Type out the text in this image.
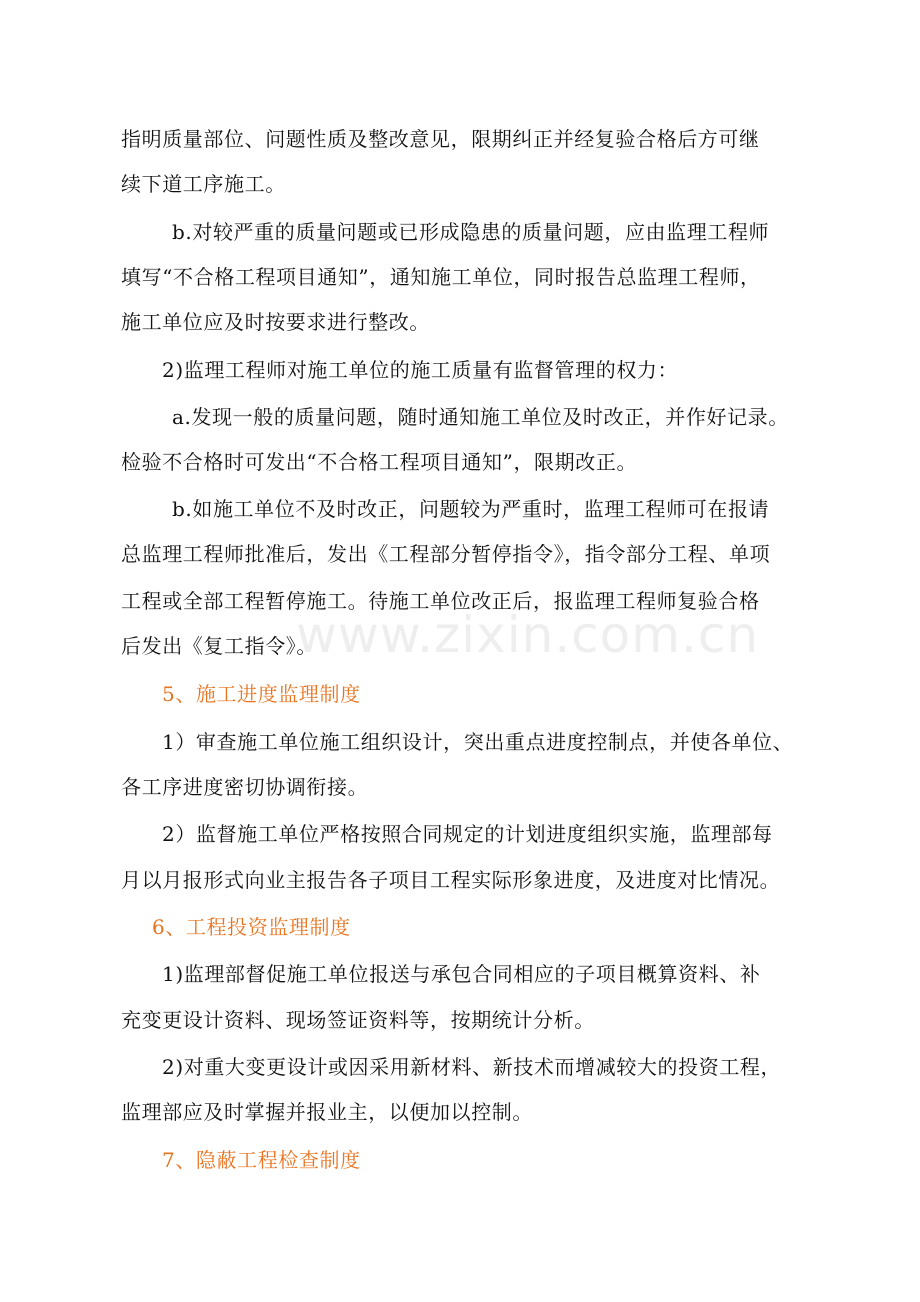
www.zixin.com.cn
指明质量部位、问题性质及整改意见，限期纠正并经复验合格后方可继
续下道工序施工。
b.对较严重的质量问题或已形成隐患的质量问题，应由监理工程师
填写“不合格工程项目通知”，通知施工单位，同时报告总监理工程师，
施工单位应及时按要求进行整改。
2)监理工程师对施工单位的施工质量有监督管理的权力：
a.发现一般的质量问题，随时通知施工单位及时改正，并作好记录。
检验不合格时可发出“不合格工程项目通知”，限期改正。
b.如施工单位不及时改正，问题较为严重时，监理工程师可在报请
总监理工程师批准后，发出《工程部分暂停指令》，指令部分工程、单项
工程或全部工程暂停施工。待施工单位改正后，报监理工程师复验合格
后发出《复工指令》。
5、施工进度监理制度
1）审查施工单位施工组织设计，突出重点进度控制点，并使各单位、
各工序进度密切协调衔接。
2）监督施工单位严格按照合同规定的计划进度组织实施，监理部每
月以月报形式向业主报告各子项目工程实际形象进度，及进度对比情况。
6、工程投资监理制度
1)监理部督促施工单位报送与承包合同相应的子项目概算资料、补
充变更设计资料、现场签证资料等，按期统计分析。
2)对重大变更设计或因采用新材料、新技术而增减较大的投资工程，
监理部应及时掌握并报业主，以便加以控制。
7、隐蔽工程检查制度
